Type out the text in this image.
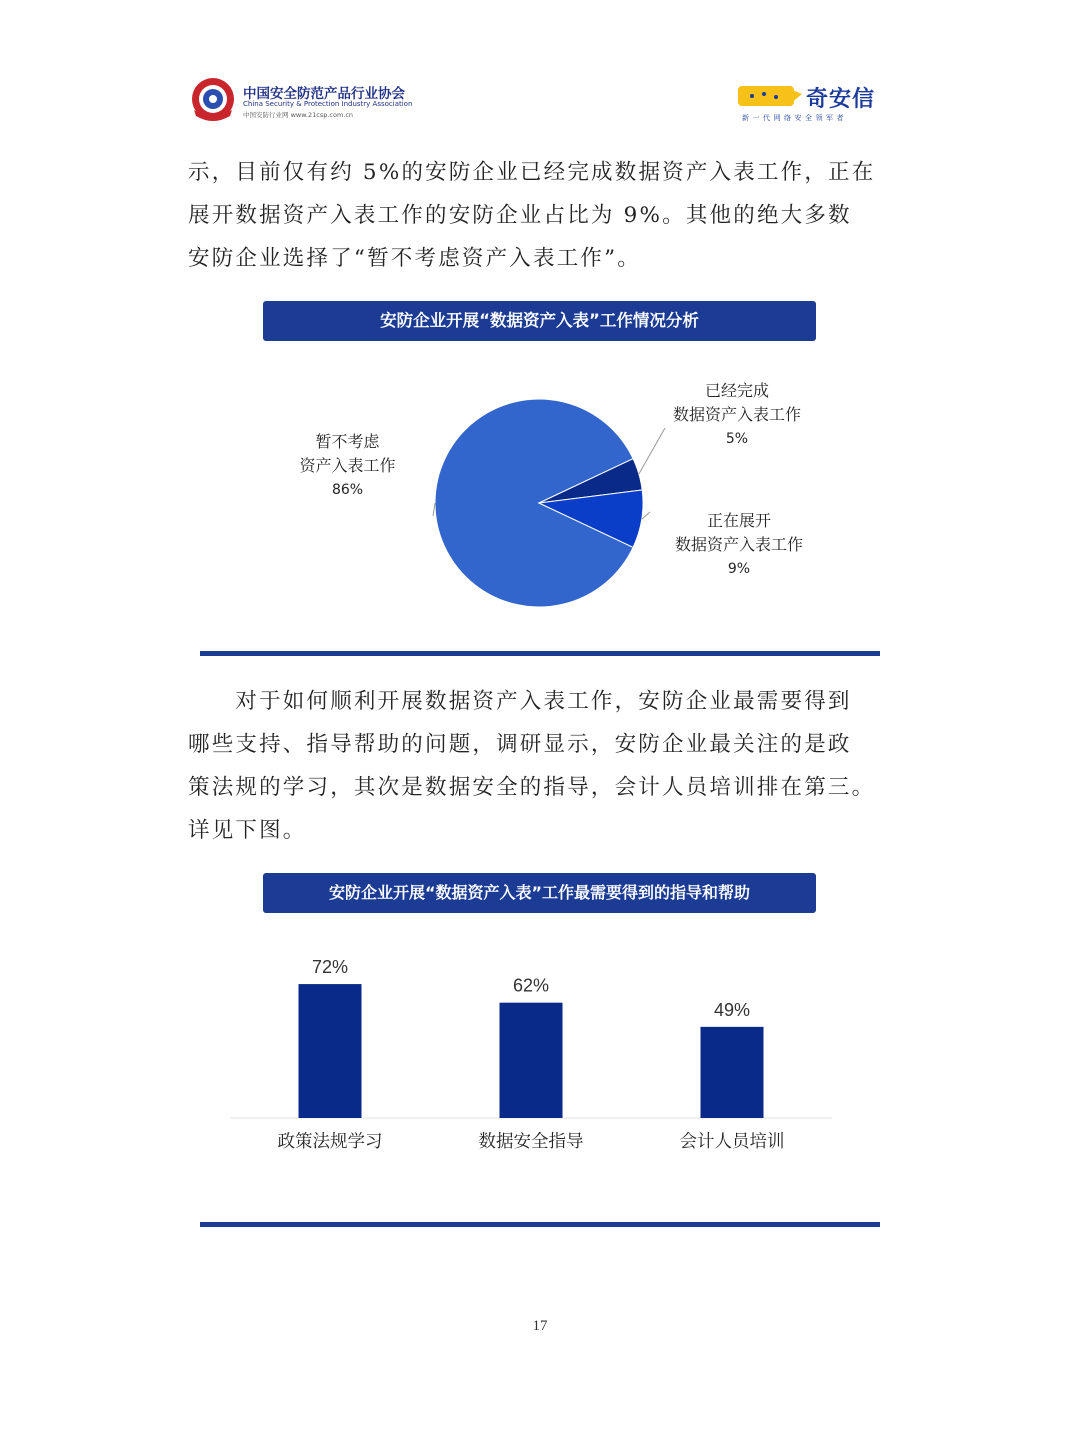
中国安全防范产品行业协会
China Security & Protection Industry Association
中国安防行业网 www.21csp.com.cn
奇安信
新一代网络安全领军者
示，目前仅有约 5%的安防企业已经完成数据资产入表工作，正在
展开数据资产入表工作的安防企业占比为 9%。其他的绝大多数
安防企业选择了“暂不考虑资产入表工作”。
安防企业开展“数据资产入表”工作情况分析
暂不考虑
资产入表工作
86%
已经完成
数据资产入表工作
5%
正在展开
数据资产入表工作
9%
　　对于如何顺利开展数据资产入表工作，安防企业最需要得到
哪些支持、指导帮助的问题，调研显示，安防企业最关注的是政
策法规的学习，其次是数据安全的指导，会计人员培训排在第三。
详见下图。
安防企业开展“数据资产入表”工作最需要得到的指导和帮助
72%
政策法规学习
62%
数据安全指导
49%
会计人员培训
17
